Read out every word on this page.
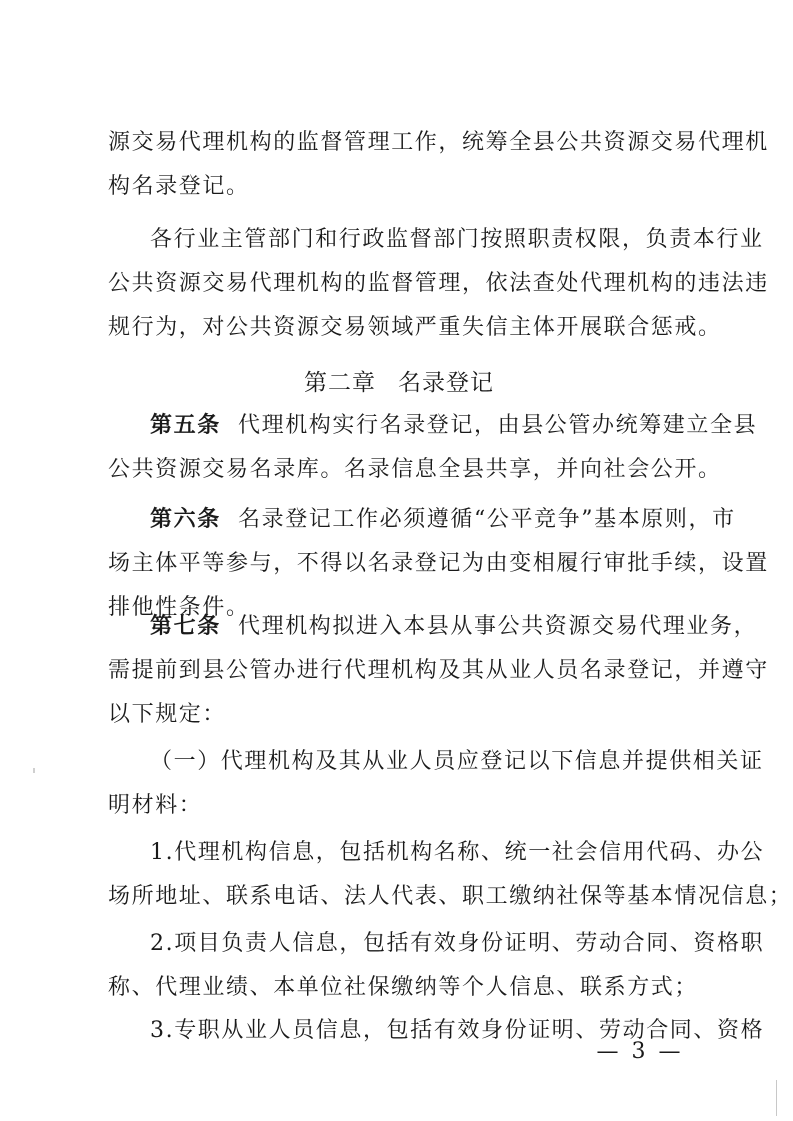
源交易代理机构的监督管理工作，统筹全县公共资源交易代理机
构名录登记。
各行业主管部门和行政监督部门按照职责权限，负责本行业
公共资源交易代理机构的监督管理，依法查处代理机构的违法违
规行为，对公共资源交易领域严重失信主体开展联合惩戒。
第二章 名录登记
第五条 代理机构实行名录登记，由县公管办统筹建立全县
公共资源交易名录库。名录信息全县共享，并向社会公开。
第六条 名录登记工作必须遵循“公平竞争”基本原则，市
场主体平等参与，不得以名录登记为由变相履行审批手续，设置
排他性条件。
第七条 代理机构拟进入本县从事公共资源交易代理业务，
需提前到县公管办进行代理机构及其从业人员名录登记，并遵守
以下规定：
（一）代理机构及其从业人员应登记以下信息并提供相关证
明材料：
1.代理机构信息，包括机构名称、统一社会信用代码、办公
场所地址、联系电话、法人代表、职工缴纳社保等基本情况信息；
2.项目负责人信息，包括有效身份证明、劳动合同、资格职
称、代理业绩、本单位社保缴纳等个人信息、联系方式；
3.专职从业人员信息，包括有效身份证明、劳动合同、资格
— 3 —
